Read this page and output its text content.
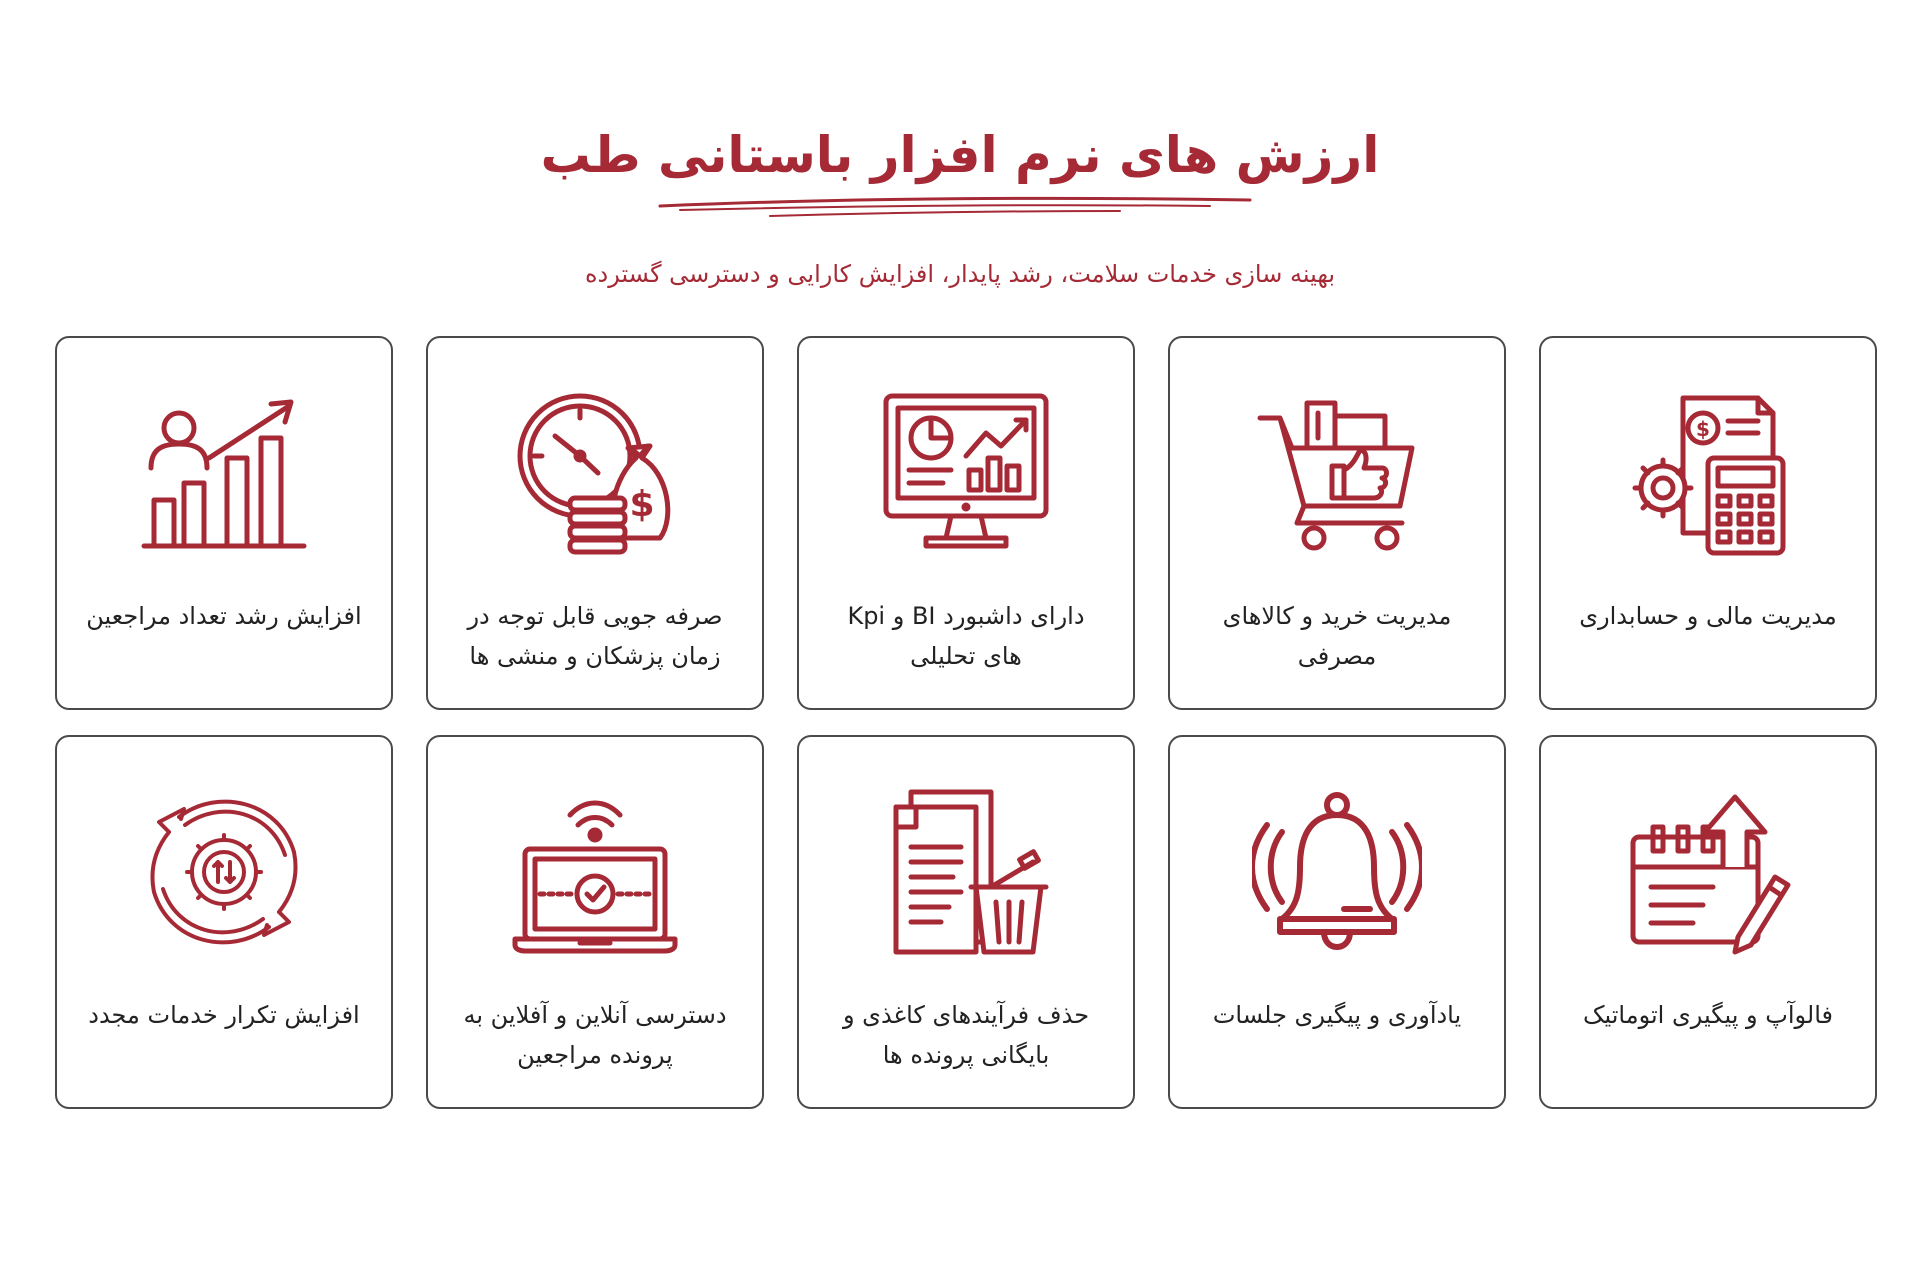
ارزش های نرم افزار باستانی طب
بهینه سازی خدمات سلامت، رشد پایدار، افزایش کارایی و دسترسی گسترده
$
مدیریت مالی و حسابداری
مدیریت خرید و کالاهای مصرفی
دارای داشبورد BI و Kpi های تحلیلی
$
صرفه جویی قابل توجه در زمان پزشکان و منشی ها
افزایش رشد تعداد مراجعین
فالوآپ و پیگیری اتوماتیک
یادآوری و پیگیری جلسات
حذف فرآیندهای کاغذی و بایگانی پرونده ها
دسترسی آنلاین و آفلاین به پرونده مراجعین
افزایش تکرار خدمات مجدد
